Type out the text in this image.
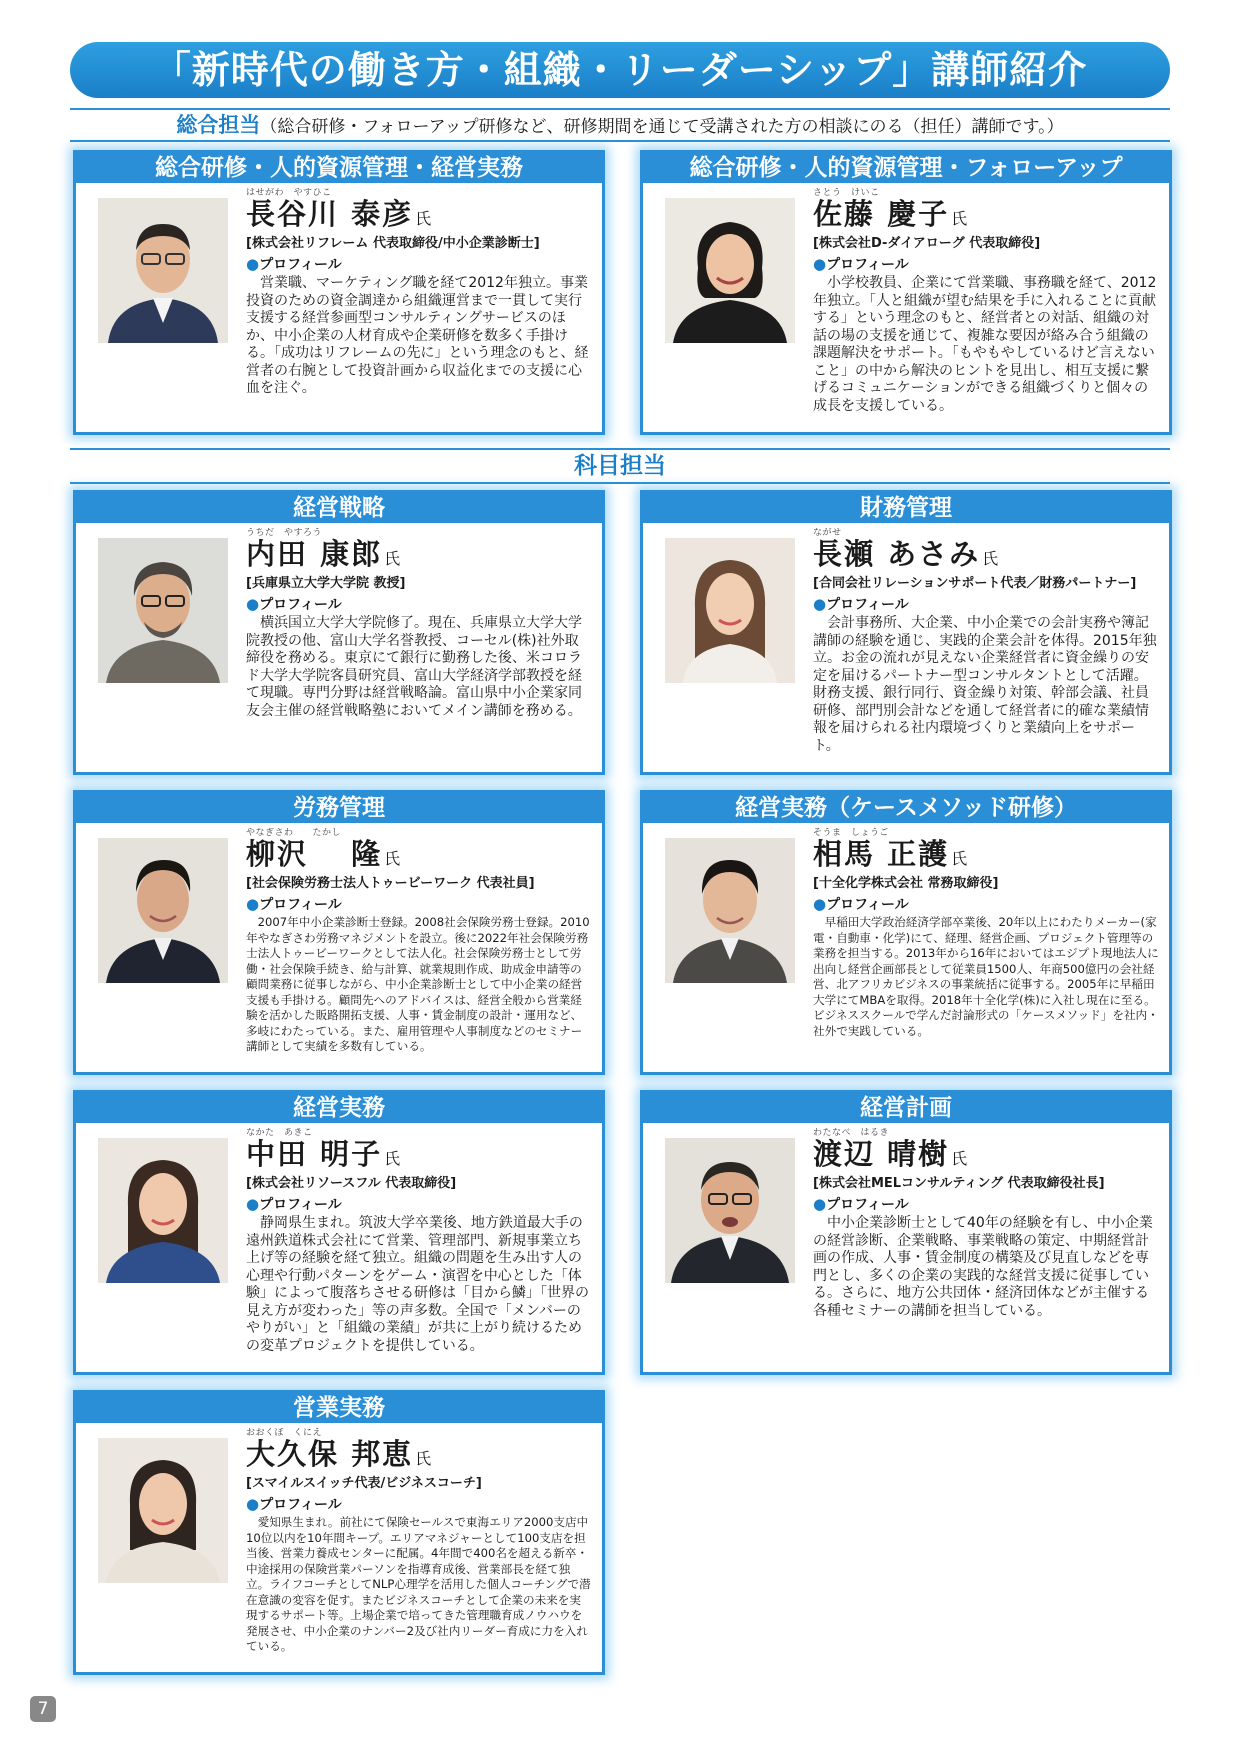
「新時代の働き方・組織・リーダーシップ」講師紹介
総合担当（総合研修・フォローアップ研修など、研修期間を通じて受講された方の相談にのる（担任）講師です。）
科目担当
総合研修・人的資源管理・経営実務
はせがわ　やすひこ
長谷川 泰彦 氏
[株式会社リフレーム 代表取締役/中小企業診断士]
●プロフィール
営業職、マーケティング職を経て2012年独立。事業投資のための資金調達から組織運営まで一貫して実行支援する経営参画型コンサルティングサービスのほか、中小企業の人材育成や企業研修を数多く手掛ける。「成功はリフレームの先に」という理念のもと、経営者の右腕として投資計画から収益化までの支援に心血を注ぐ。
総合研修・人的資源管理・フォローアップ
さとう　けいこ
佐藤 慶子 氏
[株式会社D-ダイアローグ 代表取締役]
●プロフィール
小学校教員、企業にて営業職、事務職を経て、2012年独立。「人と組織が望む結果を手に入れることに貢献する」という理念のもと、経営者との対話、組織の対話の場の支援を通じて、複雑な要因が絡み合う組織の課題解決をサポート。「もやもやしているけど言えないこと」の中から解決のヒントを見出し、相互支援に繋げるコミュニケーションができる組織づくりと個々の成長を支援している。
経営戦略
うちだ　やすろう
内田 康郎 氏
[兵庫県立大学大学院 教授]
●プロフィール
横浜国立大学大学院修了。現在、兵庫県立大学大学院教授の他、富山大学名誉教授、コーセル(株)社外取締役を務める。東京にて銀行に勤務した後、米コロラド大学大学院客員研究員、富山大学経済学部教授を経て現職。専門分野は経営戦略論。富山県中小企業家同友会主催の経営戦略塾においてメイン講師を務める。
財務管理
ながせ
長瀬 あさみ 氏
[合同会社リレーションサポート代表／財務パートナー]
●プロフィール
会計事務所、大企業、中小企業での会計実務や簿記講師の経験を通じ、実践的企業会計を体得。2015年独立。お金の流れが見えない企業経営者に資金繰りの安定を届けるパートナー型コンサルタントとして活躍。財務支援、銀行同行、資金繰り対策、幹部会議、社員研修、部門別会計などを通して経営者に的確な業績情報を届けられる社内環境づくりと業績向上をサポート。
労務管理
やなぎさわ　　たかし
柳沢 　隆 氏
[社会保険労務士法人トゥービーワーク 代表社員]
●プロフィール
2007年中小企業診断士登録。2008社会保険労務士登録。2010年やなぎさわ労務マネジメントを設立。後に2022年社会保険労務士法人トゥービーワークとして法人化。社会保険労務士として労働・社会保険手続き、給与計算、就業規則作成、助成金申請等の顧問業務に従事しながら、中小企業診断士として中小企業の経営支援も手掛ける。顧問先へのアドバイスは、経営全般から営業経験を活かした販路開拓支援、人事・賃金制度の設計・運用など、多岐にわたっている。また、雇用管理や人事制度などのセミナー講師として実績を多数有している。
経営実務（ケースメソッド研修）
そうま　しょうご
相馬 正護 氏
[十全化学株式会社 常務取締役]
●プロフィール
早稲田大学政治経済学部卒業後、20年以上にわたりメーカー(家電・自動車・化学)にて、経理、経営企画、プロジェクト管理等の業務を担当する。2013年から16年においてはエジプト現地法人に出向し経営企画部長として従業員1500人、年商500億円の会社経営、北アフリカビジネスの事業統括に従事する。2005年に早稲田大学にてMBAを取得。2018年十全化学(株)に入社し現在に至る。ビジネススクールで学んだ討論形式の「ケースメソッド」を社内・社外で実践している。
経営実務
なかた　あきこ
中田 明子 氏
[株式会社リソースフル 代表取締役]
●プロフィール
静岡県生まれ。筑波大学卒業後、地方鉄道最大手の遠州鉄道株式会社にて営業、管理部門、新規事業立ち上げ等の経験を経て独立。組織の問題を生み出す人の心理や行動パターンをゲーム・演習を中心とした「体験」によって腹落ちさせる研修は「目から鱗」「世界の見え方が変わった」等の声多数。全国で「メンバーのやりがい」と「組織の業績」が共に上がり続けるための変革プロジェクトを提供している。
経営計画
わたなべ　はるき
渡辺 晴樹 氏
[株式会社MELコンサルティング 代表取締役社長]
●プロフィール
中小企業診断士として40年の経験を有し、中小企業の経営診断、企業戦略、事業戦略の策定、中期経営計画の作成、人事・賃金制度の構築及び見直しなどを専門とし、多くの企業の実践的な経営支援に従事している。さらに、地方公共団体・経済団体などが主催する各種セミナーの講師を担当している。
営業実務
おおくぼ　くにえ
大久保 邦恵 氏
[スマイルスイッチ代表/ビジネスコーチ]
●プロフィール
愛知県生まれ。前社にて保険セールスで東海エリア2000支店中10位以内を10年間キープ。エリアマネジャーとして100支店を担当後、営業力養成センターに配属。4年間で400名を超える新卒・中途採用の保険営業パーソンを指導育成後、営業部長を経て独立。ライフコーチとしてNLP心理学を活用した個人コーチングで潜在意識の変容を促す。またビジネスコーチとして企業の未来を実現するサポート等。上場企業で培ってきた管理職育成ノウハウを発展させ、中小企業のナンバー2及び社内リーダー育成に力を入れている。
7
